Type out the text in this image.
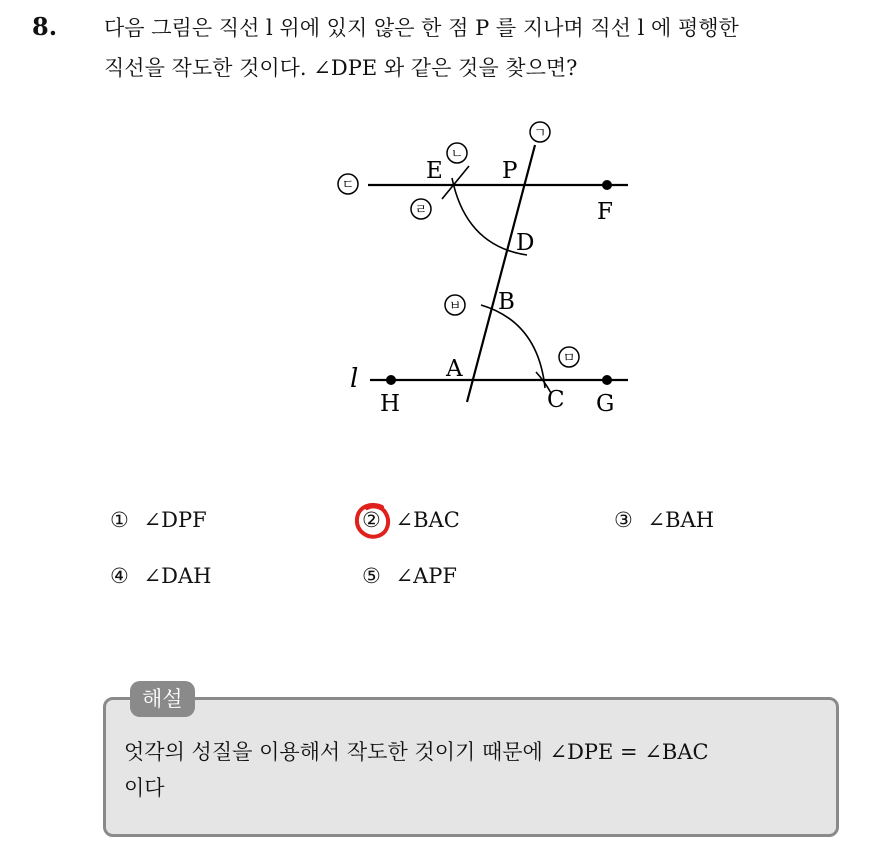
8. 다음 그림은 직선 l 위에 있지 않은 한 점 P 를 지나며 직선 l 에 평행한
직선을 작도한 것이다. ∠DPE 와 같은 것을 찾으면?
E	P
F
D
B
A
C
H	G
l
ㄱ
ㄴ
ㄷ
ㄹ
ㅂ
ㅁ
① ∠DPF	② ∠BAC	③ ∠BAH
④ ∠DAH	⑤ ∠APF
해설
엇각의 성질을 이용해서 작도한 것이기 때문에 ∠DPE = ∠BAC
이다
